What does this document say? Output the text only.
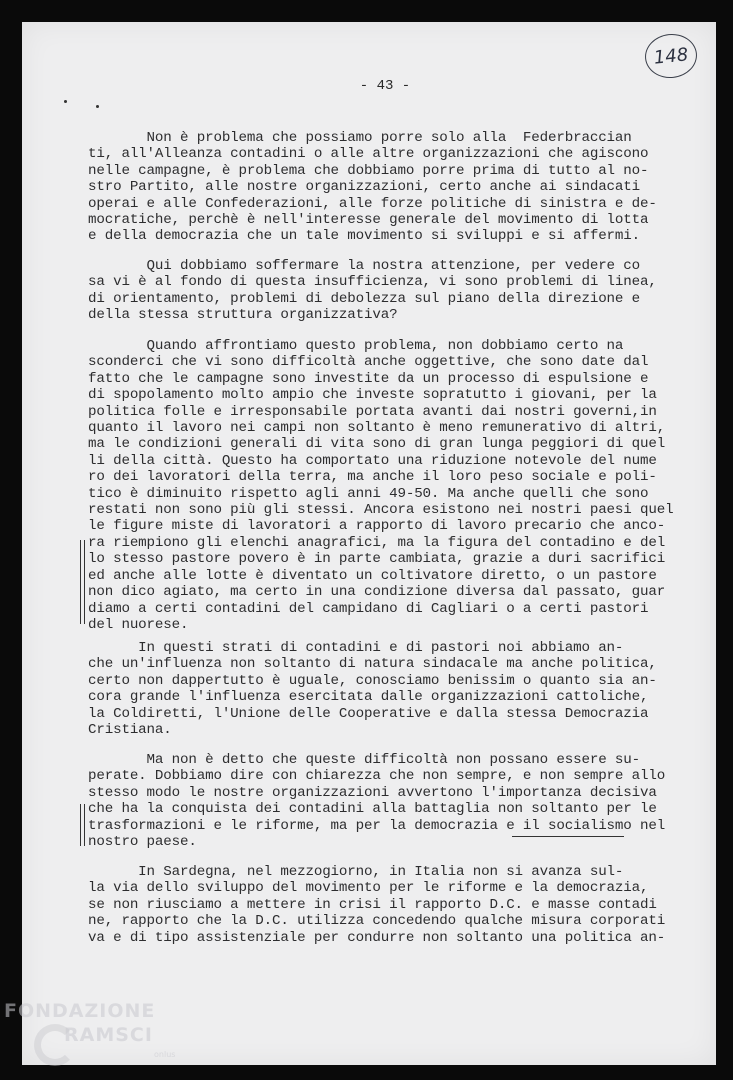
148
- 43 -
Non è problema che possiamo porre solo alla  Federbraccian
ti, all'Alleanza contadini o alle altre organizzazioni che agiscono
nelle campagne, è problema che dobbiamo porre prima di tutto al no-
stro Partito, alle nostre organizzazioni, certo anche ai sindacati
operai e alle Confederazioni, alle forze politiche di sinistra e de-
mocratiche, perchè è nell'interesse generale del movimento di lotta
e della democrazia che un tale movimento si sviluppi e si affermi.
Qui dobbiamo soffermare la nostra attenzione, per vedere co
sa vi è al fondo di questa insufficienza, vi sono problemi di linea,
di orientamento, problemi di debolezza sul piano della direzione e
della stessa struttura organizzativa?
Quando affrontiamo questo problema, non dobbiamo certo na
sconderci che vi sono difficoltà anche oggettive, che sono date dal
fatto che le campagne sono investite da un processo di espulsione e
di spopolamento molto ampio che investe sopratutto i giovani, per la
politica folle e irresponsabile portata avanti dai nostri governi,in
quanto il lavoro nei campi non soltanto è meno remunerativo di altri,
ma le condizioni generali di vita sono di gran lunga peggiori di quel
li della città. Questo ha comportato una riduzione notevole del nume
ro dei lavoratori della terra, ma anche il loro peso sociale e poli-
tico è diminuito rispetto agli anni 49-50. Ma anche quelli che sono
restati non sono più gli stessi. Ancora esistono nei nostri paesi quel
le figure miste di lavoratori a rapporto di lavoro precario che anco-
ra riempiono gli elenchi anagrafici, ma la figura del contadino e del
lo stesso pastore povero è in parte cambiata, grazie a duri sacrifici
ed anche alle lotte è diventato un coltivatore diretto, o un pastore
non dico agiato, ma certo in una condizione diversa dal passato, guar
diamo a certi contadini del campidano di Cagliari o a certi pastori
del nuorese.
In questi strati di contadini e di pastori noi abbiamo an-
che un'influenza non soltanto di natura sindacale ma anche politica,
certo non dappertutto è uguale, conosciamo benissim o quanto sia an-
cora grande l'influenza esercitata dalle organizzazioni cattoliche,
la Coldiretti, l'Unione delle Cooperative e dalla stessa Democrazia
Cristiana.
Ma non è detto che queste difficoltà non possano essere su-
perate. Dobbiamo dire con chiarezza che non sempre, e non sempre allo
stesso modo le nostre organizzazioni avvertono l'importanza decisiva
che ha la conquista dei contadini alla battaglia non soltanto per le
trasformazioni e le riforme, ma per la democrazia e il socialismo nel
nostro paese.
In Sardegna, nel mezzogiorno, in Italia non si avanza sul-
la via dello sviluppo del movimento per le riforme e la democrazia,
se non riusciamo a mettere in crisi il rapporto D.C. e masse contadi
ne, rapporto che la D.C. utilizza concedendo qualche misura corporati
va e di tipo assistenziale per condurre non soltanto una politica an-
FONDAZIONE
RAMSCI
onlus
